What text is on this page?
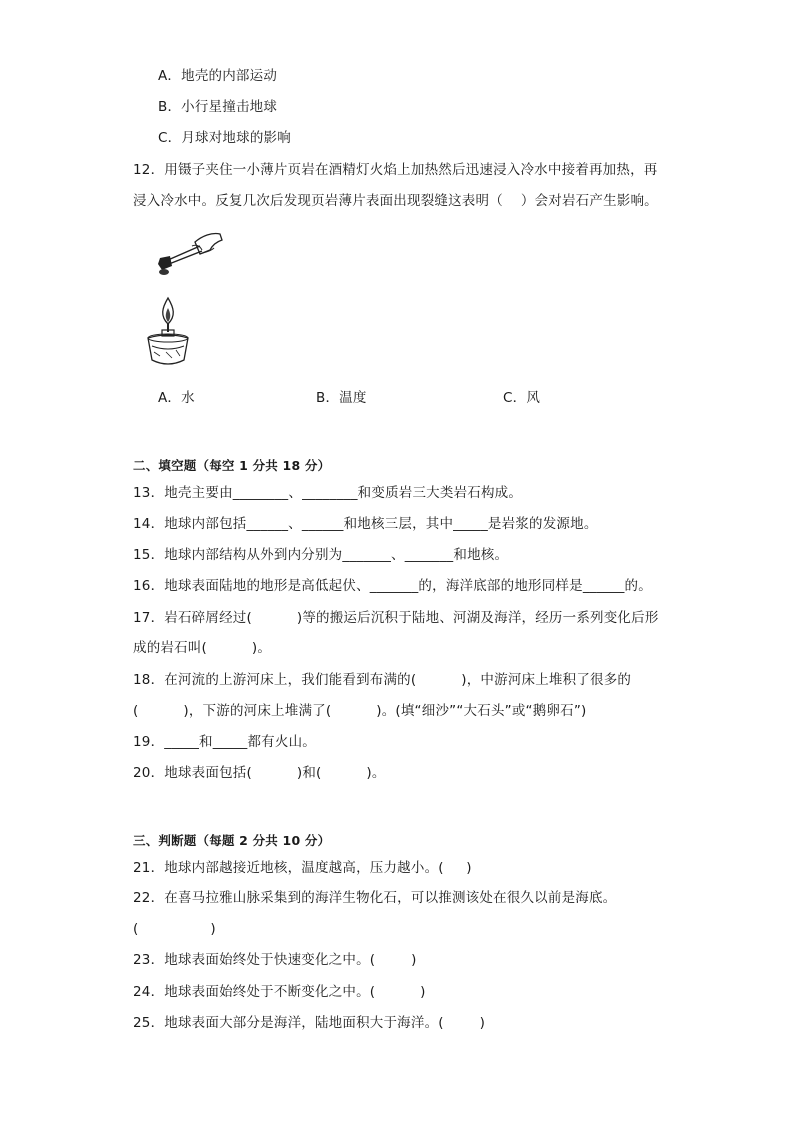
A．地壳的内部运动
B．小行星撞击地球
C．月球对地球的影响
12．用镊子夹住一小薄片页岩在酒精灯火焰上加热然后迅速浸入冷水中接着再加热，再
浸入冷水中。反复几次后发现页岩薄片表面出现裂缝这表明（    ）会对岩石产生影响。
A．水	B．温度	C．风
二、填空题（每空 1 分共 18 分）
13．地壳主要由________、________和变质岩三大类岩石构成。
14．地球内部包括______、______和地核三层，其中_____是岩浆的发源地。
15．地球内部结构从外到内分别为_______、_______和地核。
16．地球表面陆地的地形是高低起伏、_______的，海洋底部的地形同样是______的。
17．岩石碎屑经过(          )等的搬运后沉积于陆地、河湖及海洋，经历一系列变化后形
成的岩石叫(          )。
18．在河流的上游河床上，我们能看到布满的(          )，中游河床上堆积了很多的
(          )，下游的河床上堆满了(          )。(填“细沙”“大石头”或“鹅卵石”)
19．_____和_____都有火山。
20．地球表面包括(          )和(          )。
三、判断题（每题 2 分共 10 分）
21．地球内部越接近地核，温度越高，压力越小。(     )
22．在喜马拉雅山脉采集到的海洋生物化石，可以推测该处在很久以前是海底。
(                )
23．地球表面始终处于快速变化之中。(        )
24．地球表面始终处于不断变化之中。(          )
25．地球表面大部分是海洋，陆地面积大于海洋。(        )
